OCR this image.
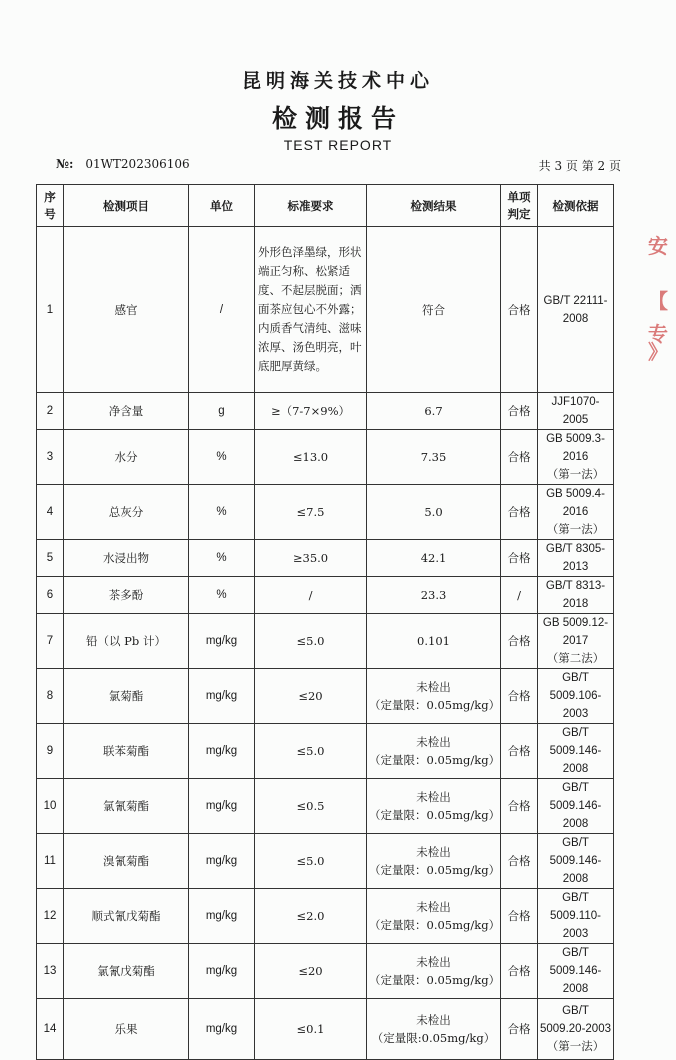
昆明海关技术中心
检测报告
TEST REPORT
№: 01WT202306106	共 3 页 第 2 页
序号	检测项目	单位	标准要求	检测结果	单项判定	检测依据
1	感官	/	外形色泽墨绿，形状端正匀称、松紧适度、不起层脱面；洒面茶应包心不外露；内质香气清纯、滋味浓厚、汤色明亮，叶底肥厚黄绿。	符合	合格	GB/T 22111-2008
2	净含量	g	≥（7-7×9%）	6.7	合格	JJF1070-2005
3	水分	%	≤13.0	7.35	合格	GB 5009.3-2016
（第一法）
4	总灰分	%	≤7.5	5.0	合格	GB 5009.4-2016
（第一法）
5	水浸出物	%	≥35.0	42.1	合格	GB/T 8305-2013
6	茶多酚	%	/	23.3	/	GB/T 8313-2018
7	铅（以 Pb 计）	mg/kg	≤5.0	0.101	合格	GB 5009.12-2017
（第二法）
8	氯菊酯	mg/kg	≤20	未检出
（定量限：0.05mg/kg）	合格	GB/T
5009.106-2003
9	联苯菊酯	mg/kg	≤5.0	未检出
（定量限：0.05mg/kg）	合格	GB/T
5009.146-2008
10	氯氰菊酯	mg/kg	≤0.5	未检出
（定量限：0.05mg/kg）	合格	GB/T
5009.146-2008
11	溴氰菊酯	mg/kg	≤5.0	未检出
（定量限：0.05mg/kg）	合格	GB/T
5009.146-2008
12	顺式氰戊菊酯	mg/kg	≤2.0	未检出
（定量限：0.05mg/kg）	合格	GB/T
5009.110-2003
13	氯氰戊菊酯	mg/kg	≤20	未检出
（定量限：0.05mg/kg）	合格	GB/T
5009.146-2008
14	乐果	mg/kg	≤0.1	未检出
（定量限:0.05mg/kg）	合格	GB/T
5009.20-2003（第一法）
安
【
专
》
